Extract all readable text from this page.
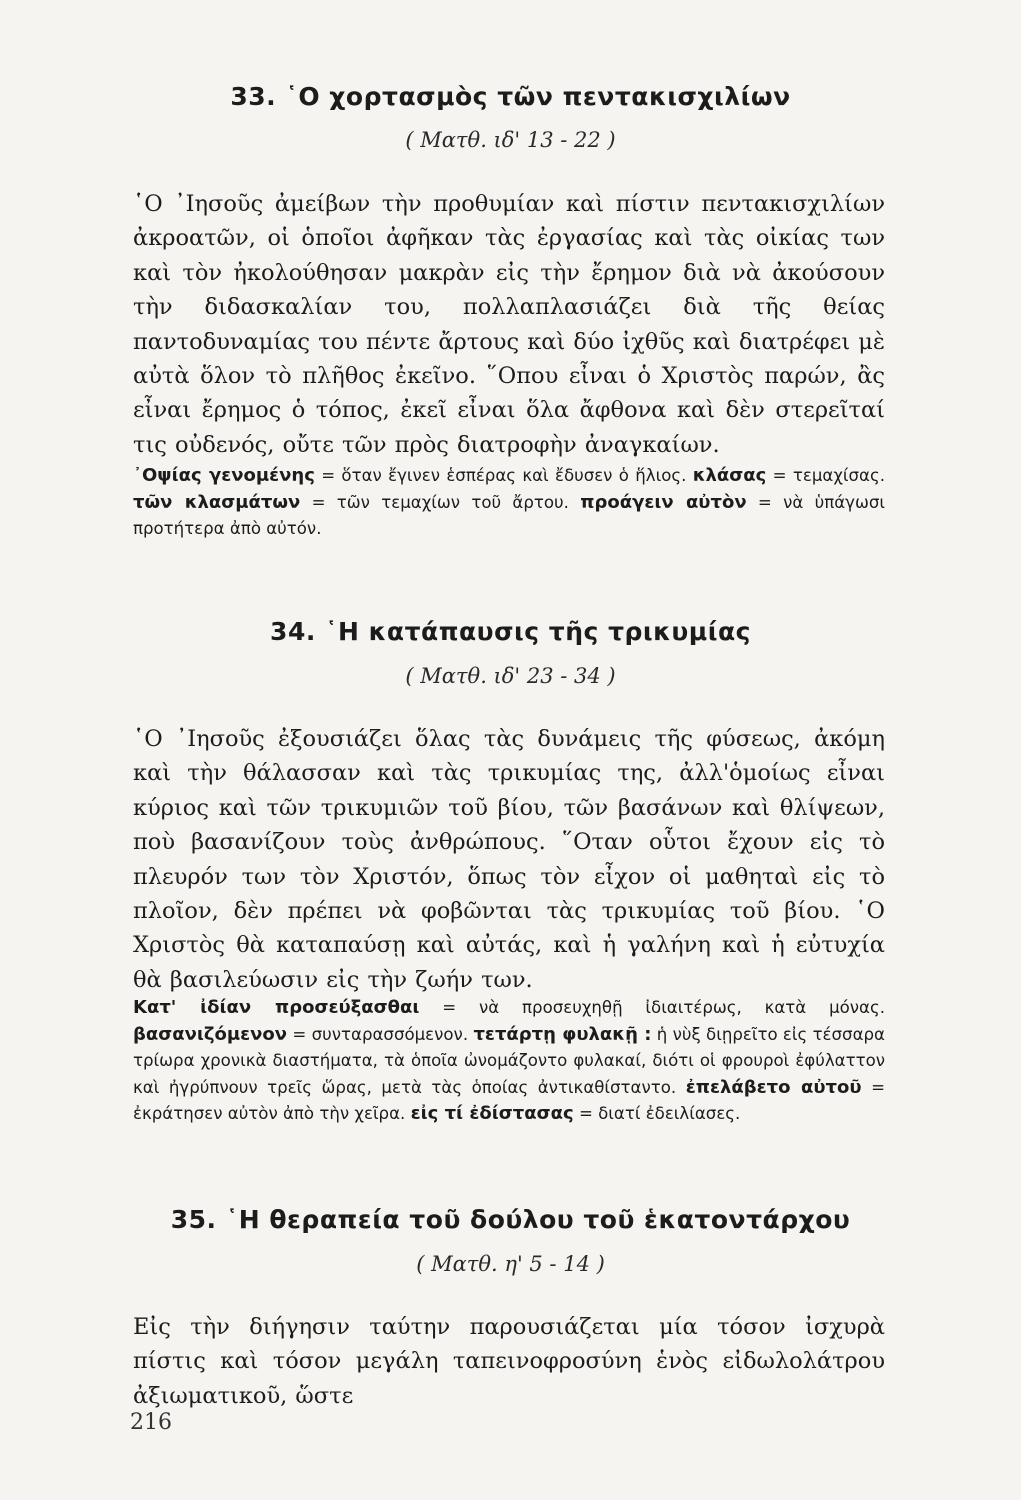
33. ῾Ο χορτασμὸς τῶν πεντακισχιλίων
( Ματθ. ιδ' 13 - 22 )
῾Ο ᾿Ιησοῦς ἀμείβων τὴν προθυμίαν καὶ πίστιν πεντακισχιλίων ἀκροατῶν, οἱ ὁποῖοι ἀφῆκαν τὰς ἐργασίας καὶ τὰς οἰκίας των καὶ τὸν ἠκολούθησαν μακρὰν εἰς τὴν ἔρημον διὰ νὰ ἀκούσουν τὴν διδασκαλίαν του, πολλαπλασιάζει διὰ τῆς θείας παντοδυναμίας του πέντε ἄρτους καὶ δύο ἰχθῦς καὶ διατρέφει μὲ αὐτὰ ὅλον τὸ πλῆθος ἐκεῖνο. ῞Οπου εἶναι ὁ Χριστὸς παρών, ἂς εἶναι ἔρημος ὁ τόπος, ἐκεῖ εἶναι ὅλα ἄφθονα καὶ δὲν στερεῖταί τις οὐδενός, οὔτε τῶν πρὸς διατροφὴν ἀναγκαίων.
᾿Οψίας γενομένης = ὅταν ἔγινεν ἑσπέρας καὶ ἔδυσεν ὁ ἥλιος. κλάσας = τεμαχίσας. τῶν κλασμάτων = τῶν τεμαχίων τοῦ ἄρτου. προάγειν αὐτὸν = νὰ ὑπάγωσι προτήτερα ἀπὸ αὐτόν.
34. ῾Η κατάπαυσις τῆς τρικυμίας
( Ματθ. ιδ' 23 - 34 )
῾Ο ᾿Ιησοῦς ἐξουσιάζει ὅλας τὰς δυνάμεις τῆς φύσεως, ἀκόμη καὶ τὴν θάλασσαν καὶ τὰς τρικυμίας της, ἀλλ'ὁμοίως εἶναι κύριος καὶ τῶν τρικυμιῶν τοῦ βίου, τῶν βασάνων καὶ θλίψεων, ποὺ βασανίζουν τοὺς ἀνθρώπους. ῞Οταν οὗτοι ἔχουν εἰς τὸ πλευρόν των τὸν Χριστόν, ὅπως τὸν εἶχον οἱ μαθηταὶ εἰς τὸ πλοῖον, δὲν πρέπει νὰ φοβῶνται τὰς τρικυμίας τοῦ βίου. ῾Ο Χριστὸς θὰ καταπαύσῃ καὶ αὐτάς, καὶ ἡ γαλήνη καὶ ἡ εὐτυχία θὰ βασιλεύωσιν εἰς τὴν ζωήν των.
Κατ' ἰδίαν προσεύξασθαι = νὰ προσευχηθῇ ἰδιαιτέρως, κατὰ μόνας. βασανιζόμενον = συνταρασσόμενον. τετάρτῃ φυλακῇ : ἡ νὺξ διῃρεῖτο εἰς τέσσαρα τρίωρα χρονικὰ διαστήματα, τὰ ὁποῖα ὠνομάζοντο φυλακαί, διότι οἱ φρουροὶ ἐφύλαττον καὶ ἠγρύπνουν τρεῖς ὥρας, μετὰ τὰς ὁποίας ἀντικαθίσταντο. ἐπελάβετο αὐτοῦ = ἐκράτησεν αὐτὸν ἀπὸ τὴν χεῖρα. εἰς τί ἐδίστασας = διατί ἐδειλίασες.
35. ῾Η θεραπεία τοῦ δούλου τοῦ ἑκατοντάρχου
( Ματθ. η' 5 - 14 )
Εἰς τὴν διήγησιν ταύτην παρουσιάζεται μία τόσον ἰσχυρὰ πίστις καὶ τόσον μεγάλη ταπεινοφροσύνη ἑνὸς εἰδωλολάτρου ἀξιωματικοῦ, ὥστε
216
